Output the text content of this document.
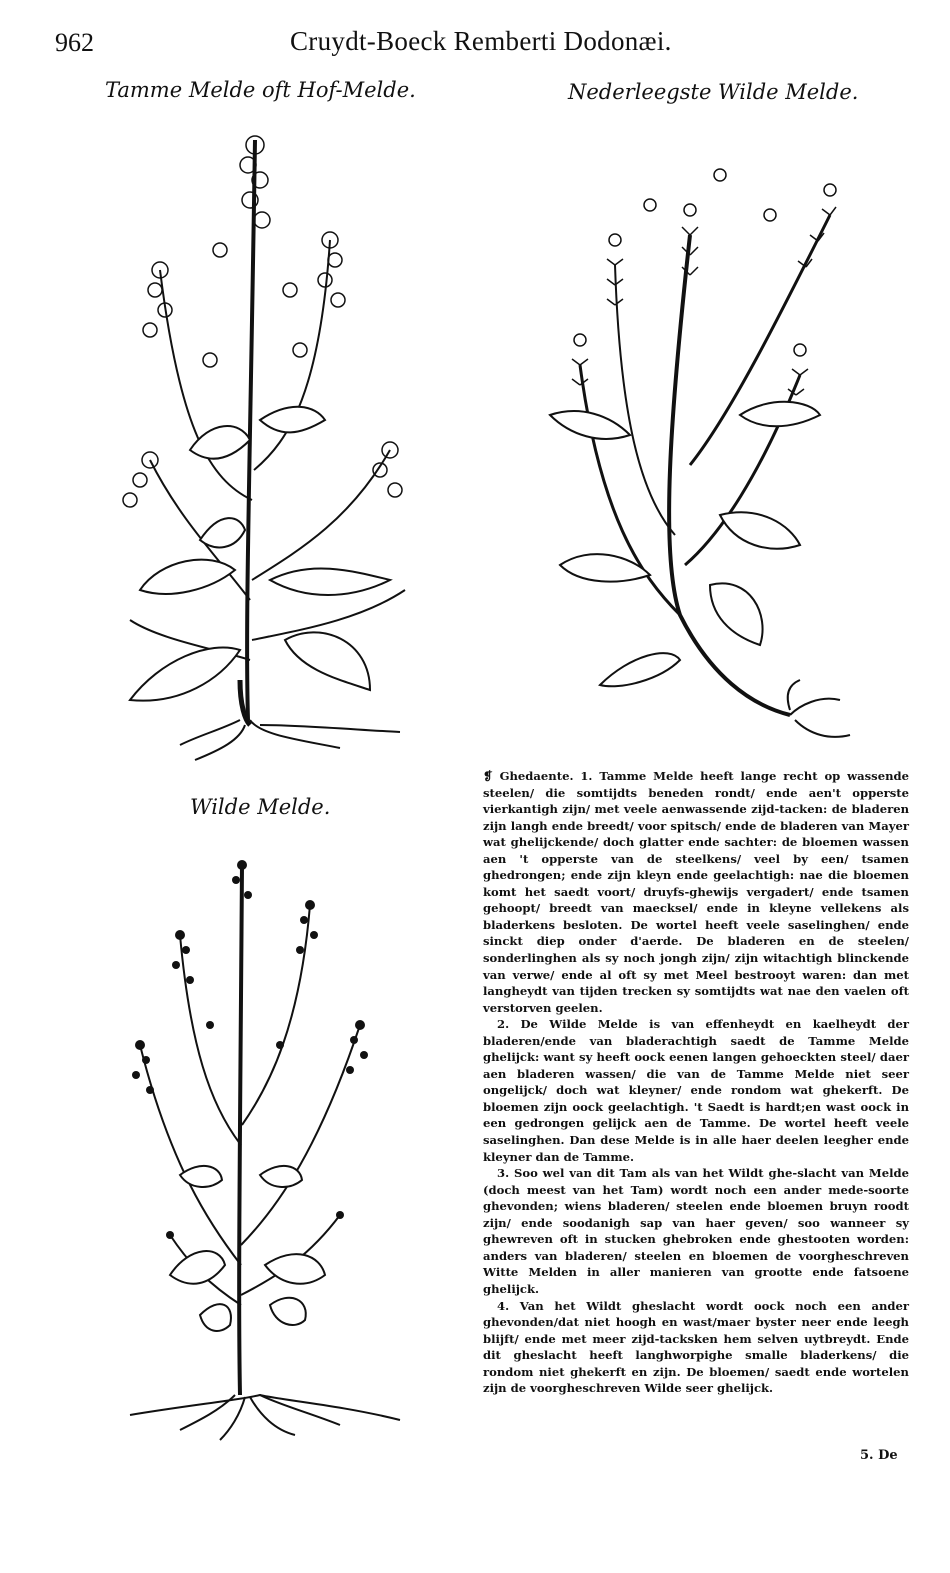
962	Cruydt-Boeck Remberti Dodonæi.
Tamme Melde oft Hof-Melde.	Nederleegste Wilde Melde.
Wilde Melde.

❡ Ghedaente. 1. Tamme Melde heeft lange recht op wassende steelen/ die somtijdts beneden rondt/ ende aen't opperste vierkantigh zijn/ met veele aenwassende zijd-tacken: de bladeren zijn langh ende breedt/ voor spitsch/ ende de bladeren van Mayer wat ghelijckende/ doch glatter ende sachter: de bloemen wassen aen 't opperste van de steelkens/ veel by een/ tsamen ghedrongen; ende zijn kleyn ende geelachtigh: nae die bloemen komt het saedt voort/ druyfs-ghewijs vergadert/ ende tsamen gehoopt/ breedt van maecksel/ ende in kleyne vellekens als bladerkens besloten. De wortel heeft veele saselinghen/ ende sinckt diep onder d'aerde. De bladeren en de steelen/ sonderlinghen als sy noch jongh zijn/ zijn witachtigh blinckende van verwe/ ende al oft sy met Meel bestrooyt waren: dan met langheydt van tijden trecken sy somtijdts wat nae den vaelen oft verstorven geelen.

2. De Wilde Melde is van effenheydt en kaelheydt der bladeren/ende van bladerachtigh saedt de Tamme Melde ghelijck: want sy heeft oock eenen langen gehoeckten steel/ daer aen bladeren wassen/ die van de Tamme Melde niet seer ongelijck/ doch wat kleyner/ ende rondom wat ghekerft. De bloemen zijn oock geelachtigh. 't Saedt is hardt;en wast oock in een gedrongen gelijck aen de Tamme. De wortel heeft veele saselinghen. Dan dese Melde is in alle haer deelen leegher ende kleyner dan de Tamme.

3. Soo wel van dit Tam als van het Wildt ghe-slacht van Melde (doch meest van het Tam) wordt noch een ander mede-soorte ghevonden; wiens bladeren/ steelen ende bloemen bruyn roodt zijn/ ende soodanigh sap van haer geven/ soo wanneer sy ghewreven oft in stucken ghebroken ende ghestooten worden: anders van bladeren/ steelen en bloemen de voorgheschreven Witte Melden in aller manieren van grootte ende fatsoene ghelijck.

4. Van het Wildt gheslacht wordt oock noch een ander ghevonden/dat niet hoogh en wast/maer byster neer ende leegh blijft/ ende met meer zijd-tacksken hem selven uytbreydt. Ende dit gheslacht heeft langhworpighe smalle bladerkens/ die rondom niet ghekerft en zijn. De bloemen/ saedt ende wortelen zijn de voorgheschreven Wilde seer ghelijck.

5. De
